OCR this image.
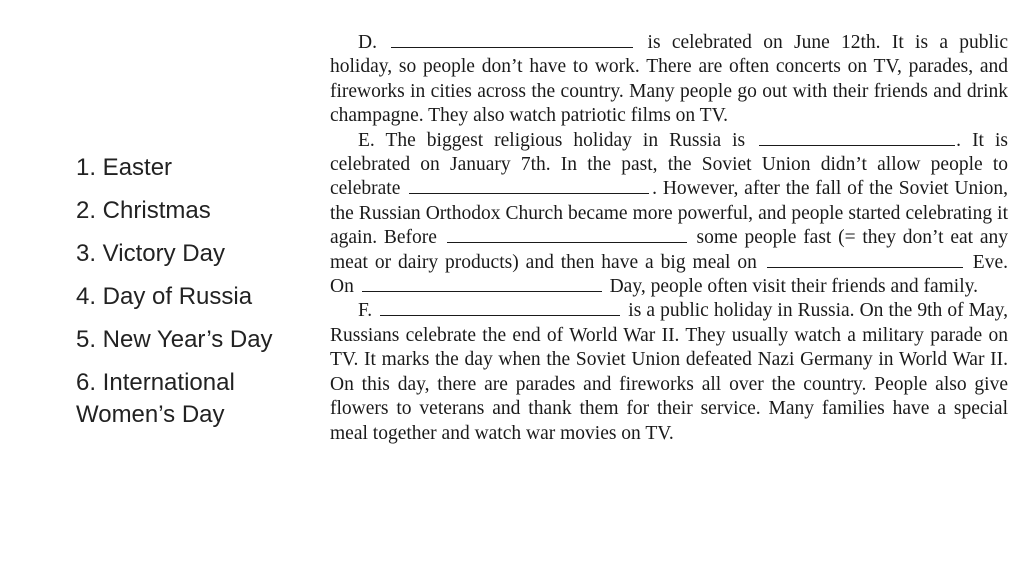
1. Easter
2. Christmas
3. Victory Day
4. Day of Russia
5. New Year’s Day
6. International Women’s Day

D.	is celebrated on June 12th. It is a public holiday, so people don’t have to work. There are often concerts on TV, parades, and fireworks in cities across the country. Many people go out with their friends and drink champagne. They also watch patriotic films on TV.

E. The biggest religious holiday in Russia is	. It is celebrated on January 7th. In the past, the Soviet Union didn’t allow people to celebrate	. However, after the fall of the Soviet Union, the Russian Orthodox Church became more powerful, and people started celebrating it again. Before	some people fast (= they don’t eat any meat or dairy products) and then have a big meal on	Eve. On	Day, people often visit their friends and family.

F.	is a public holiday in Russia. On the 9th of May, Russians celebrate the end of World War II. They usually watch a military parade on TV. It marks the day when the Soviet Union defeated Nazi Germany in World War II. On this day, there are parades and fireworks all over the country. People also give flowers to veterans and thank them for their service. Many families have a special meal together and watch war movies on TV.
